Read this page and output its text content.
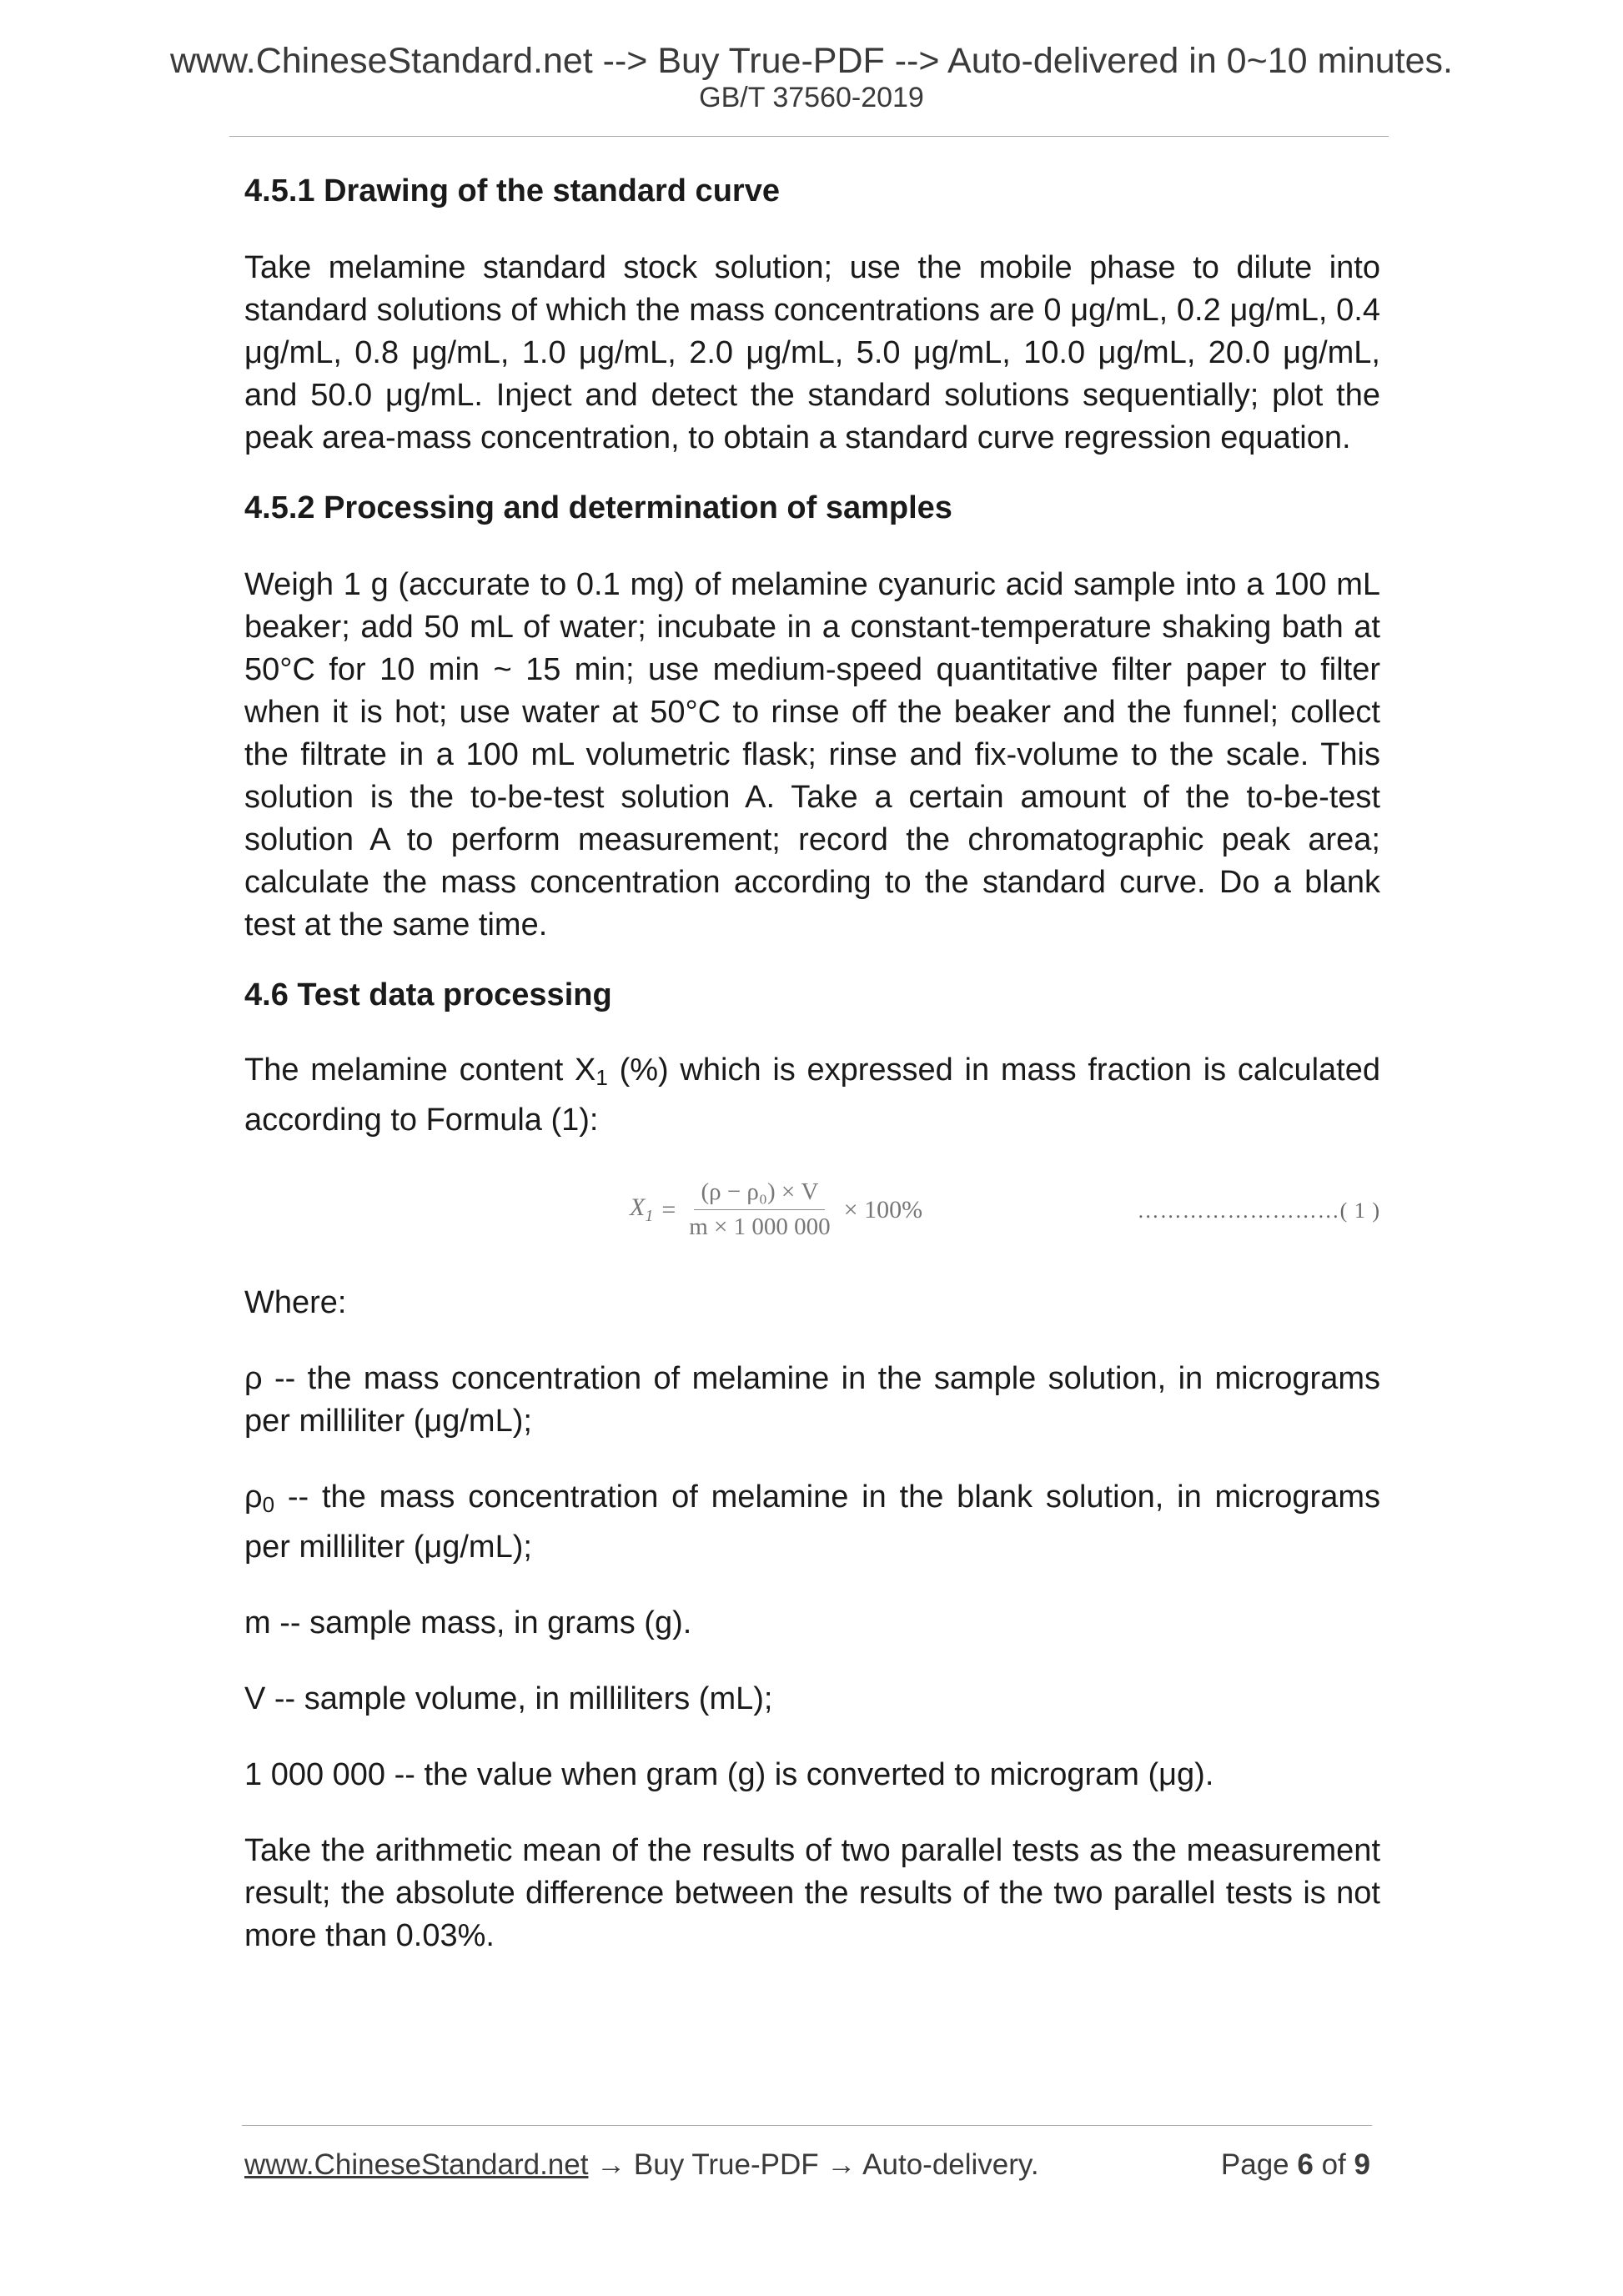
www.ChineseStandard.net --> Buy True-PDF --> Auto-delivered in 0~10 minutes.
GB/T 37560-2019

4.5.1 Drawing of the standard curve

Take melamine standard stock solution; use the mobile phase to dilute into standard solutions of which the mass concentrations are 0 μg/mL, 0.2 μg/mL, 0.4 μg/mL, 0.8 μg/mL, 1.0 μg/mL, 2.0 μg/mL, 5.0 μg/mL, 10.0 μg/mL, 20.0 μg/mL, and 50.0 μg/mL. Inject and detect the standard solutions sequentially; plot the peak area-mass concentration, to obtain a standard curve regression equation.

4.5.2 Processing and determination of samples

Weigh 1 g (accurate to 0.1 mg) of melamine cyanuric acid sample into a 100 mL beaker; add 50 mL of water; incubate in a constant-temperature shaking bath at 50°C for 10 min ~ 15 min; use medium-speed quantitative filter paper to filter when it is hot; use water at 50°C to rinse off the beaker and the funnel; collect the filtrate in a 100 mL volumetric flask; rinse and fix-volume to the scale. This solution is the to-be-test solution A. Take a certain amount of the to-be-test solution A to perform measurement; record the chromatographic peak area; calculate the mass concentration according to the standard curve. Do a blank test at the same time.

4.6 Test data processing

The melamine content $X_1$ (%) which is expressed in mass fraction is calculated according to Formula (1):

$X_1 = \frac{\text{(ρ − ρ₀) × V}}{m \times 1 000 000} \times 100\%$	………………………( 1 )

Where:

ρ -- the mass concentration of melamine in the sample solution, in micrograms per milliliter (μg/mL);

$\rho_0$ -- the mass concentration of melamine in the blank solution, in micrograms per milliliter (μg/mL);

m -- sample mass, in grams (g).

V -- sample volume, in milliliters (mL);

1 000 000 -- the value when gram (g) is converted to microgram (μg).

Take the arithmetic mean of the results of two parallel tests as the measurement result; the absolute difference between the results of the two parallel tests is not more than 0.03%.

www.ChineseStandard.net → Buy True-PDF → Auto-delivery.	Page 6 of 9
